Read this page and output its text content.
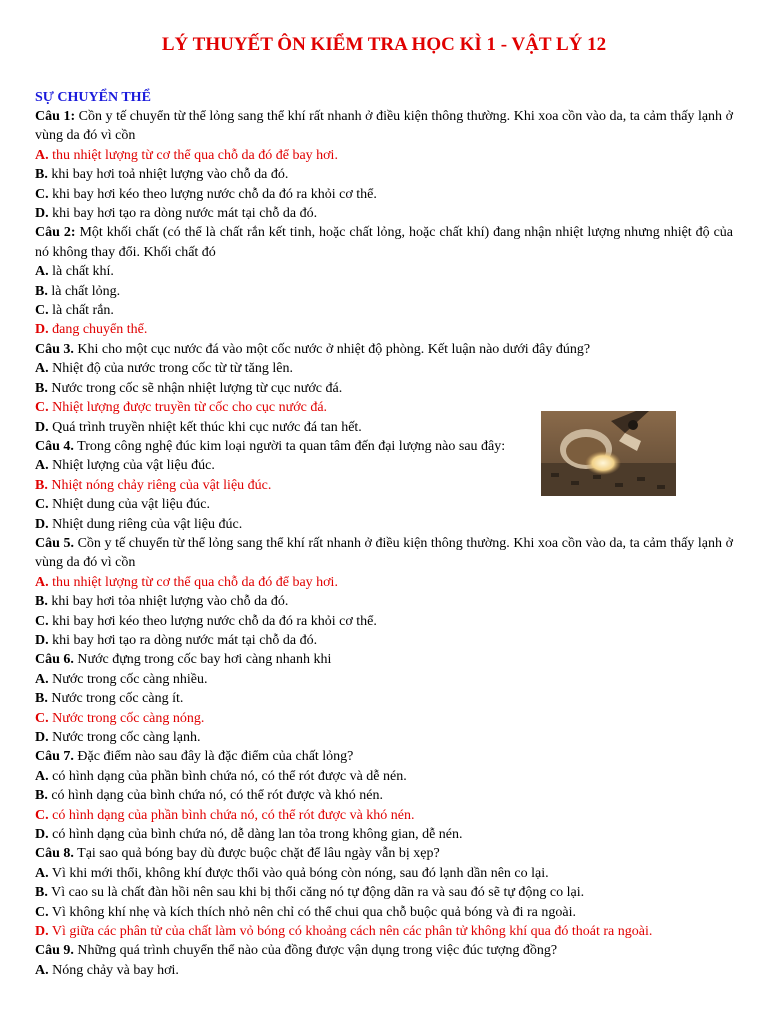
LÝ THUYẾT ÔN KIỂM TRA HỌC KÌ 1 - VẬT LÝ 12
SỰ CHUYỂN THỂ
Câu 1: Cồn y tế chuyển từ thể lỏng sang thể khí rất nhanh ở điều kiện thông thường. Khi xoa cồn vào da, ta cảm thấy lạnh ở vùng da đó vì cồn
A. thu nhiệt lượng từ cơ thể qua chỗ da đó để bay hơi.
B. khi bay hơi toả nhiệt lượng vào chỗ da đó.
C. khi bay hơi kéo theo lượng nước chỗ da đó ra khỏi cơ thể.
D. khi bay hơi tạo ra dòng nước mát tại chỗ da đó.
Câu 2: Một khối chất (có thể là chất rắn kết tinh, hoặc chất lỏng, hoặc chất khí) đang nhận nhiệt lượng nhưng nhiệt độ của nó không thay đổi. Khối chất đó
A. là chất khí.
B. là chất lỏng.
C. là chất rắn.
D. đang chuyển thể.
Câu 3. Khi cho một cục nước đá vào một cốc nước ở nhiệt độ phòng. Kết luận nào dưới đây đúng?
A. Nhiệt độ của nước trong cốc từ từ tăng lên.
B. Nước trong cốc sẽ nhận nhiệt lượng từ cục nước đá.
C. Nhiệt lượng được truyền từ cốc cho cục nước đá.
D. Quá trình truyền nhiệt kết thúc khi cục nước đá tan hết.
Câu 4. Trong công nghệ đúc kim loại người ta quan tâm đến đại lượng nào sau đây:
A. Nhiệt lượng của vật liệu đúc.
B. Nhiệt nóng chảy riêng của vật liệu đúc.
C. Nhiệt dung của vật liệu đúc.
D. Nhiệt dung riêng của vật liệu đúc.
Câu 5. Cồn y tế chuyển từ thể lỏng sang thể khí rất nhanh ở điều kiện thông thường. Khi xoa cồn vào da, ta cảm thấy lạnh ở vùng da đó vì cồn
A. thu nhiệt lượng từ cơ thể qua chỗ da đó để bay hơi.
B. khi bay hơi tỏa nhiệt lượng vào chỗ da đó.
C. khi bay hơi kéo theo lượng nước chỗ da đó ra khỏi cơ thể.
D. khi bay hơi tạo ra dòng nước mát tại chỗ da đó.
Câu 6. Nước đựng trong cốc bay hơi càng nhanh khi
A. Nước trong cốc càng nhiều.
B. Nước trong cốc càng ít.
C. Nước trong cốc càng nóng.
D. Nước trong cốc càng lạnh.
Câu 7. Đặc điểm nào sau đây là đặc điểm của chất lỏng?
A. có hình dạng của phần bình chứa nó, có thể rót được và dễ nén.
B. có hình dạng của bình chứa nó, có thể rót được và khó nén.
C. có hình dạng của phần bình chứa nó, có thể rót được và khó nén.
D. có hình dạng của bình chứa nó, dễ dàng lan tỏa trong không gian, dễ nén.
Câu 8. Tại sao quả bóng bay dù được buộc chặt để lâu ngày vẫn bị xẹp?
A. Vì khi mới thổi, không khí được thổi vào quả bóng còn nóng, sau đó lạnh dần nên co lại.
B. Vì cao su là chất đàn hồi nên sau khi bị thổi căng nó tự động dãn ra và sau đó sẽ tự động co lại.
C. Vì không khí nhẹ và kích thích nhỏ nên chỉ có thể chui qua chỗ buộc quả bóng và đi ra ngoài.
D. Vì giữa các phân tử của chất làm vỏ bóng có khoảng cách nên các phân tử không khí qua đó thoát ra ngoài.
Câu 9. Những quá trình chuyển thể nào của đồng được vận dụng trong việc đúc tượng đồng?
A. Nóng chảy và bay hơi.
